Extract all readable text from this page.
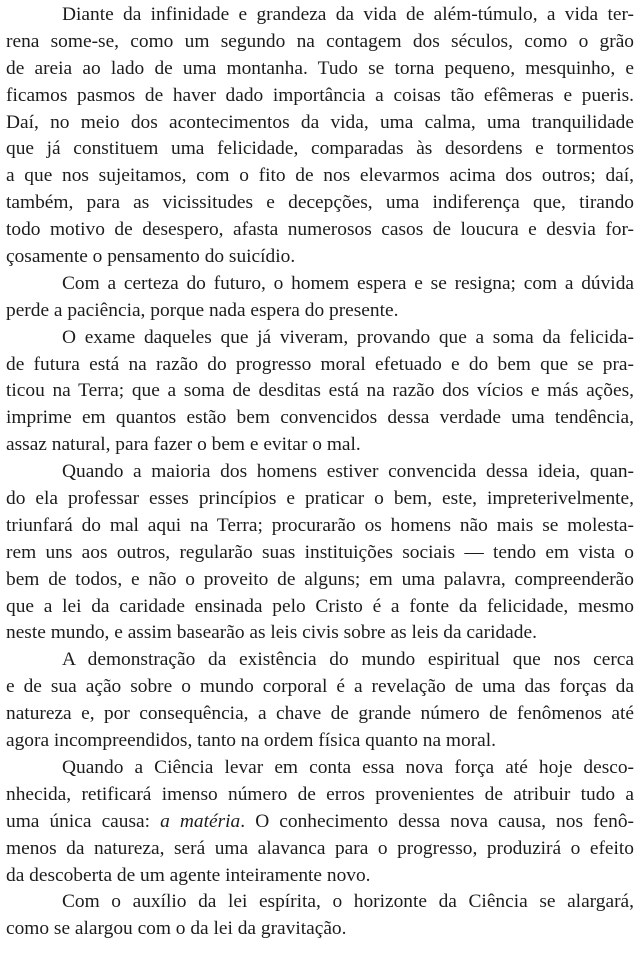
Diante da infinidade e grandeza da vida de além-túmulo, a vida ter-
rena some-se, como um segundo na contagem dos séculos, como o grão
de areia ao lado de uma montanha. Tudo se torna pequeno, mesquinho, e
ficamos pasmos de haver dado importância a coisas tão efêmeras e pueris.
Daí, no meio dos acontecimentos da vida, uma calma, uma tranquilidade
que já constituem uma felicidade, comparadas às desordens e tormentos
a que nos sujeitamos, com o fito de nos elevarmos acima dos outros; daí,
também, para as vicissitudes e decepções, uma indiferença que, tirando
todo motivo de desespero, afasta numerosos casos de loucura e desvia for-
çosamente o pensamento do suicídio.
Com a certeza do futuro, o homem espera e se resigna; com a dúvida
perde a paciência, porque nada espera do presente.
O exame daqueles que já viveram, provando que a soma da felicida-
de futura está na razão do progresso moral efetuado e do bem que se pra-
ticou na Terra; que a soma de desditas está na razão dos vícios e más ações,
imprime em quantos estão bem convencidos dessa verdade uma tendência,
assaz natural, para fazer o bem e evitar o mal.
Quando a maioria dos homens estiver convencida dessa ideia, quan-
do ela professar esses princípios e praticar o bem, este, impreterivelmente,
triunfará do mal aqui na Terra; procurarão os homens não mais se molesta-
rem uns aos outros, regularão suas instituições sociais — tendo em vista o
bem de todos, e não o proveito de alguns; em uma palavra, compreenderão
que a lei da caridade ensinada pelo Cristo é a fonte da felicidade, mesmo
neste mundo, e assim basearão as leis civis sobre as leis da caridade.
A demonstração da existência do mundo espiritual que nos cerca
e de sua ação sobre o mundo corporal é a revelação de uma das forças da
natureza e, por consequência, a chave de grande número de fenômenos até
agora incompreendidos, tanto na ordem física quanto na moral.
Quando a Ciência levar em conta essa nova força até hoje desco-
nhecida, retificará imenso número de erros provenientes de atribuir tudo a
uma única causa: a matéria . O conhecimento dessa nova causa, nos fenô-
menos da natureza, será uma alavanca para o progresso, produzirá o efeito
da descoberta de um agente inteiramente novo.
Com o auxílio da lei espírita, o horizonte da Ciência se alargará,
como se alargou com o da lei da gravitação.
